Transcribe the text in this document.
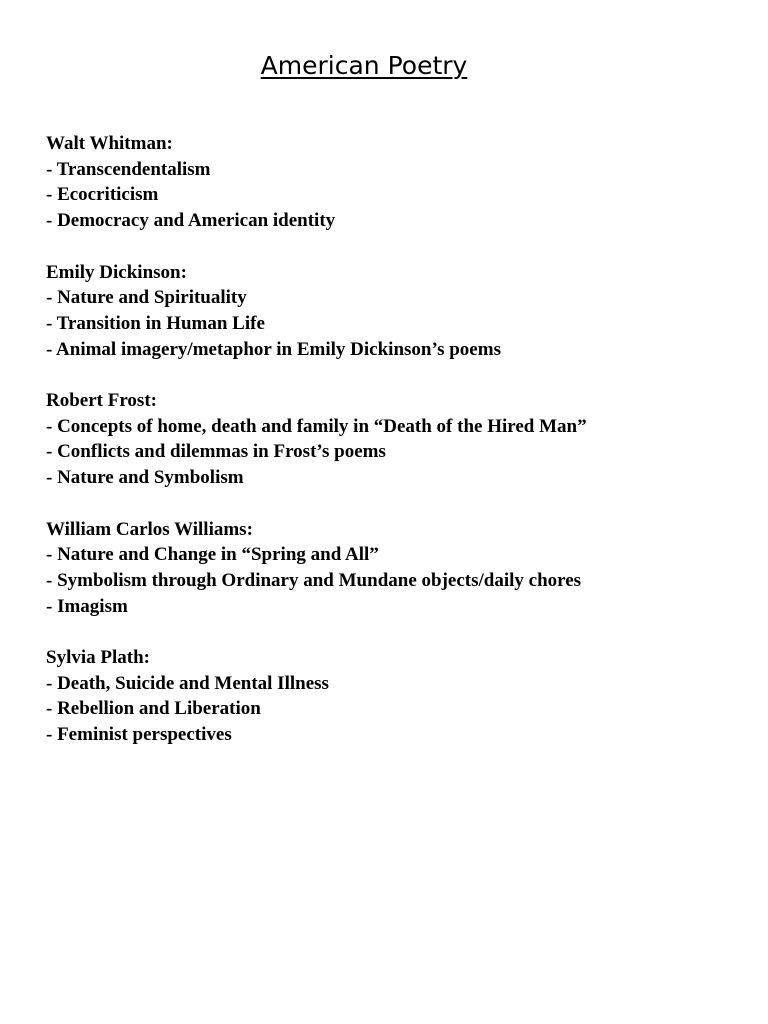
American Poetry
Walt Whitman:
- Transcendentalism
- Ecocriticism
- Democracy and American identity
Emily Dickinson:
- Nature and Spirituality
- Transition in Human Life
- Animal imagery/metaphor in Emily Dickinson’s poems
Robert Frost:
- Concepts of home, death and family in “Death of the Hired Man”
- Conflicts and dilemmas in Frost’s poems
- Nature and Symbolism
William Carlos Williams:
- Nature and Change in “Spring and All”
- Symbolism through Ordinary and Mundane objects/daily chores
- Imagism
Sylvia Plath:
- Death, Suicide and Mental Illness
- Rebellion and Liberation
- Feminist perspectives
